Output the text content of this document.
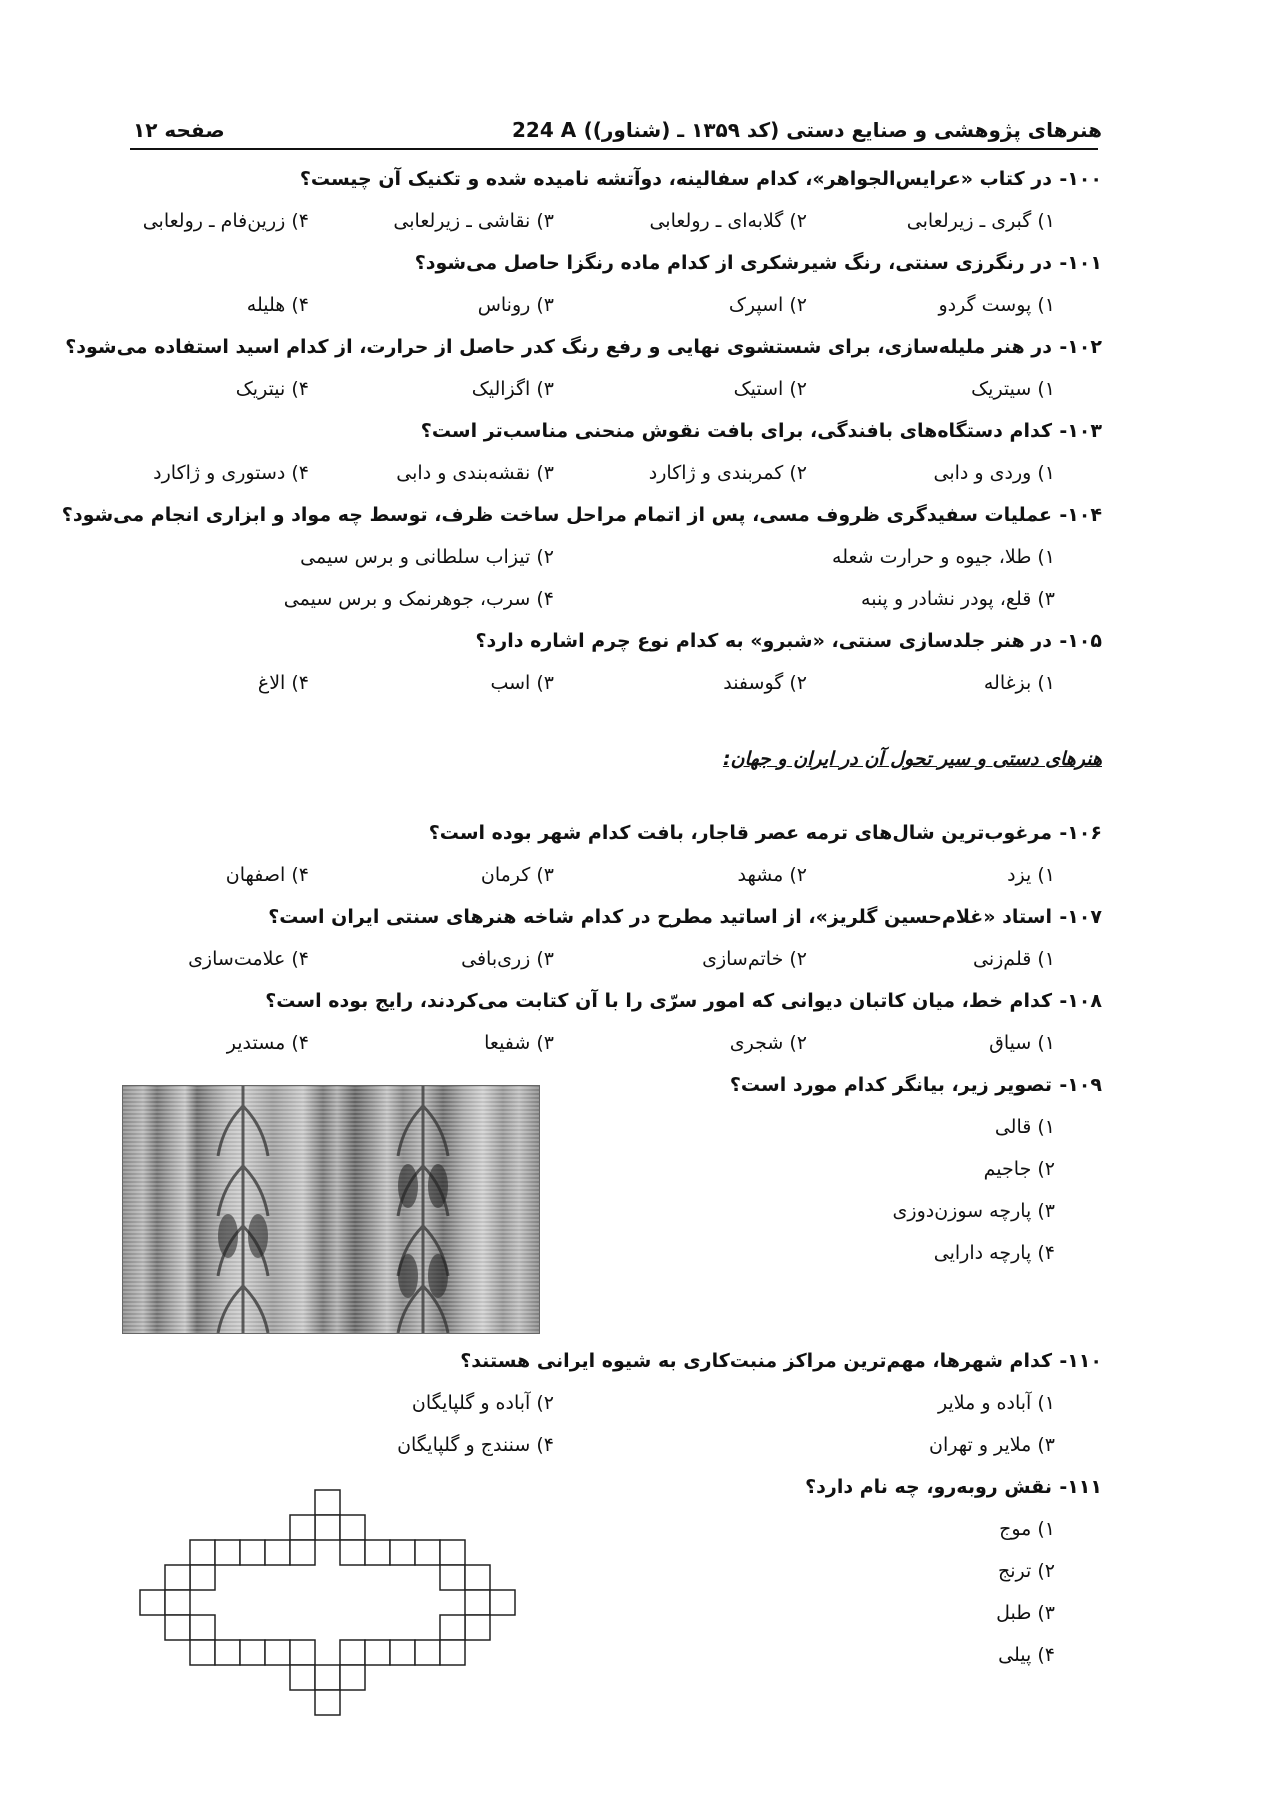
هنرهای پژوهشی و صنایع دستی (کد ۱۳۵۹ ـ (شناور))
224 A
صفحه ۱۲
۱۰۰-
در کتاب «عرایس‌الجواهر»، کدام سفالینه، دوآتشه نامیده شده و تکنیک آن چیست؟
۱) گبری ـ زیرلعابی
۲) گلابه‌ای ـ رولعابی
۳) نقاشی ـ زیرلعابی
۴) زرین‌فام ـ رولعابی
۱۰۱-
در رنگرزی سنتی، رنگ شیرشکری از کدام ماده رنگزا حاصل می‌شود؟
۱) پوست گردو
۲) اسپرک
۳) روناس
۴) هلیله
۱۰۲-
در هنر ملیله‌سازی، برای شستشوی نهایی و رفع رنگ کدر حاصل از حرارت، از کدام اسید استفاده می‌شود؟
۱) سیتریک
۲) استیک
۳) اگزالیک
۴) نیتریک
۱۰۳-
کدام دستگاه‌های بافندگی، برای بافت نقوش منحنی مناسب‌تر است؟
۱) وردی و دابی
۲) کمربندی و ژاکارد
۳) نقشه‌بندی و دابی
۴) دستوری و ژاکارد
۱۰۴-
عملیات سفیدگری ظروف مسی، پس از اتمام مراحل ساخت ظرف، توسط چه مواد و ابزاری انجام می‌شود؟
۱) طلا، جیوه و حرارت شعله
۲) تیزاب سلطانی و برس سیمی
۳) قلع، پودر نشادر و پنبه
۴) سرب، جوهرنمک و برس سیمی
۱۰۵-
در هنر جلدسازی سنتی، «شبرو» به کدام نوع چرم اشاره دارد؟
۱) بزغاله
۲) گوسفند
۳) اسب
۴) الاغ
هنرهای دستی و سیر تحول آن در ایران و جهان:
۱۰۶-
مرغوب‌ترین شال‌های ترمه عصر قاجار، بافت کدام شهر بوده است؟
۱) یزد
۲) مشهد
۳) کرمان
۴) اصفهان
۱۰۷-
استاد «غلام‌حسین گلریز»، از اساتید مطرح در کدام شاخه هنرهای سنتی ایران است؟
۱) قلم‌زنی
۲) خاتم‌سازی
۳) زری‌بافی
۴) علامت‌سازی
۱۰۸-
کدام خط، میان کاتبان دیوانی که امور سرّی را با آن کتابت می‌کردند، رایج بوده است؟
۱) سیاق
۲) شجری
۳) شفیعا
۴) مستدیر
۱۰۹-
تصویر زیر، بیانگر کدام مورد است؟
۱) قالی
۲) جاجیم
۳) پارچه سوزن‌دوزی
۴) پارچه دارایی
۱۱۰-
کدام شهرها، مهم‌ترین مراکز منبت‌کاری به شیوه ایرانی هستند؟
۱) آباده و ملایر
۲) آباده و گلپایگان
۳) ملایر و تهران
۴) سنندج و گلپایگان
۱۱۱-
نقش روبه‌رو، چه نام دارد؟
۱) موج
۲) ترنج
۳) طبل
۴) پیلی
